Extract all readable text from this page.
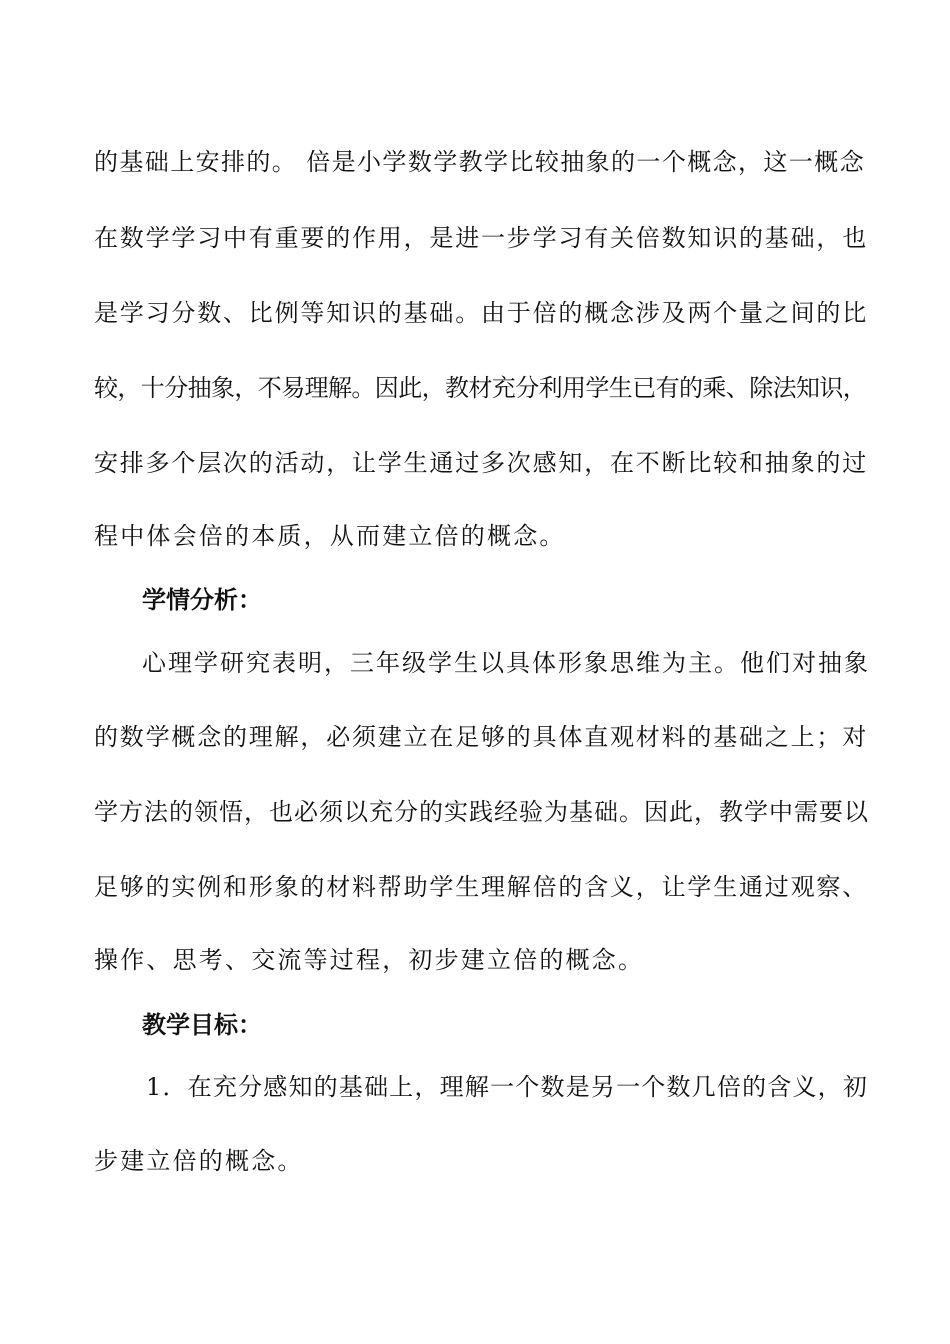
的基础上安排的。 倍是小学数学教学比较抽象的一个概念，这一概念
在数学学习中有重要的作用，是进一步学习有关倍数知识的基础，也
是学习分数、比例等知识的基础。由于倍的概念涉及两个量之间的比
较，十分抽象，不易理解。因此，教材充分利用学生已有的乘、除法知识，
安排多个层次的活动，让学生通过多次感知，在不断比较和抽象的过
程中体会倍的本质，从而建立倍的概念。
学情分析：
心理学研究表明，三年级学生以具体形象思维为主。他们对抽象
的数学概念的理解，必须建立在足够的具体直观材料的基础之上；对
学方法的领悟，也必须以充分的实践经验为基础。因此，教学中需要以
足够的实例和形象的材料帮助学生理解倍的含义，让学生通过观察、
操作、思考、交流等过程，初步建立倍的概念。
教学目标：
1．在充分感知的基础上，理解一个数是另一个数几倍的含义，初
步建立倍的概念。
